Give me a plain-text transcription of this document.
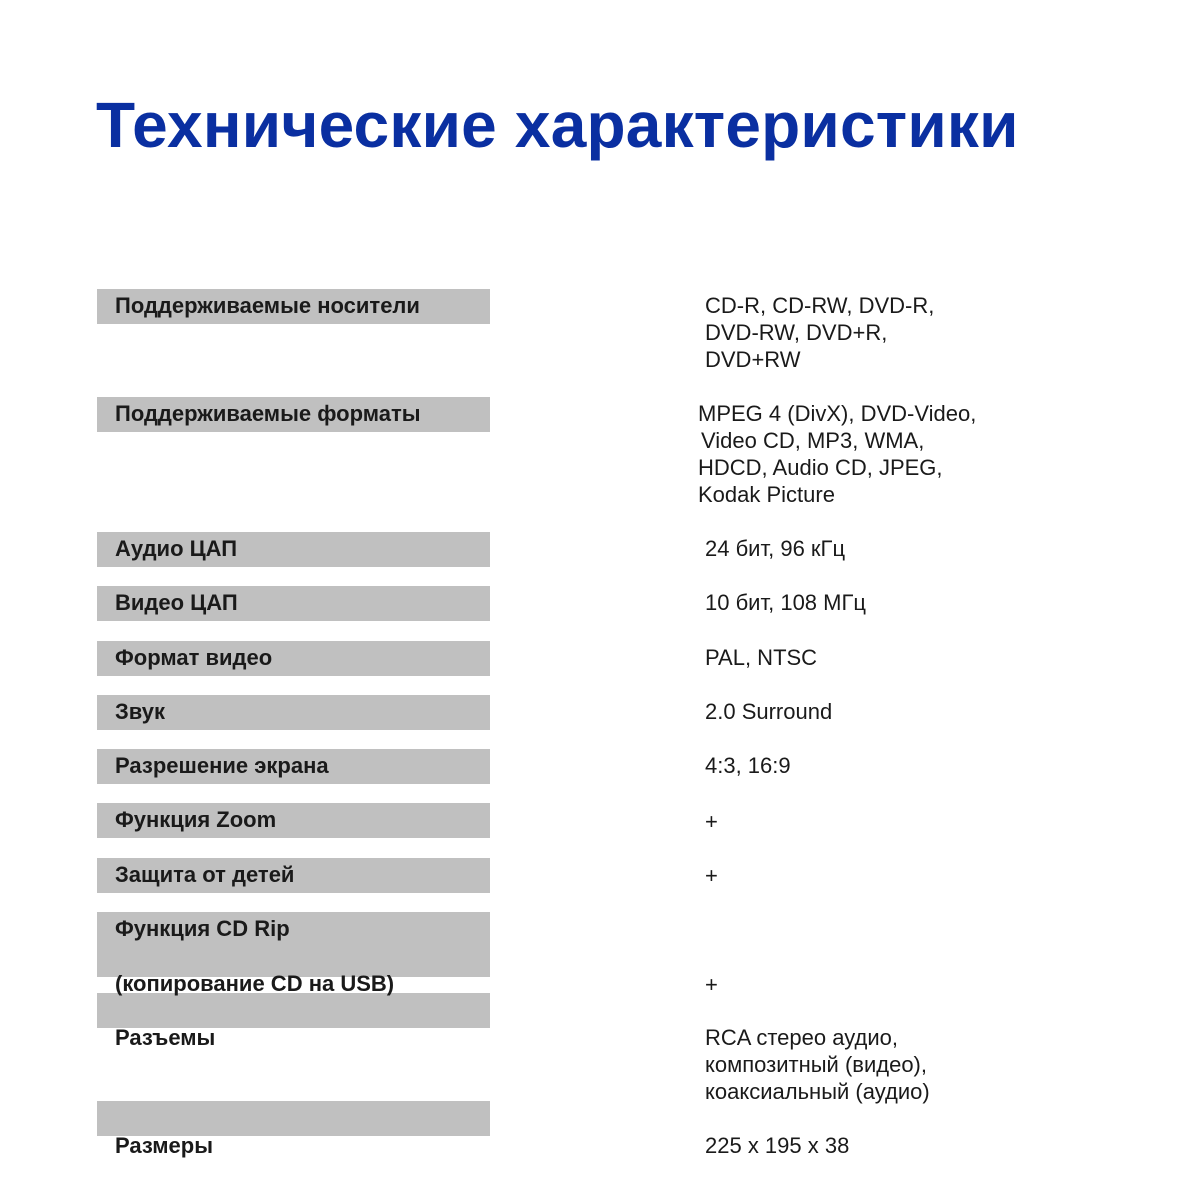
Технические характеристики
Поддерживаемые носители
Поддерживаемые форматы
Аудио ЦАП
Видео ЦАП
Формат видео
Звук
Разрешение экрана
Функция Zoom
Защита от детей
Функция CD Rip
(копирование CD на USB)
Разъемы
Размеры
CD-R, CD-RW, DVD-R,
DVD-RW, DVD+R,
DVD+RW
MPEG 4 (DivX), DVD-Video,
Video CD, MP3, WMA,
HDCD, Audio CD, JPEG,
Kodak Picture
24 бит, 96 кГц
10 бит, 108 МГц
PAL, NTSC
2.0 Surround
4:3, 16:9
+
+
+
RCA стерео аудио,
композитный (видео),
коаксиальный (аудио)
225 x 195 x 38
